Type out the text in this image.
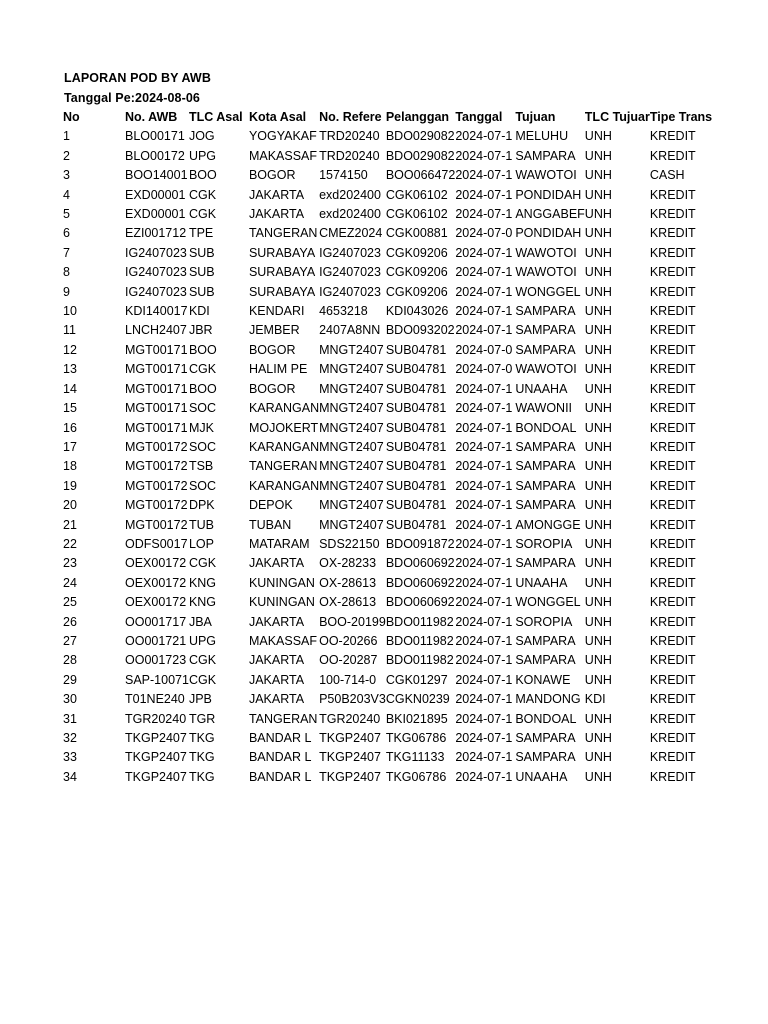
LAPORAN POD BY AWB
Tanggal Pe:2024-08-06
No	No. AWB	TLC Asal	Kota Asal	No. Refere	Pelanggan	Tanggal	Tujuan	TLC Tujuar	Tipe Trans
1	BLO00171	JOG	YOGYAKAF	TRD20240	BDO029082	2024-07-1	MELUHU	UNH	KREDIT
2	BLO00172	UPG	MAKASSAF	TRD20240	BDO029082	2024-07-1	SAMPARA	UNH	KREDIT
3	BOO14001	BOO	BOGOR	1574150	BOO066472	2024-07-1	WAWOTOI	UNH	CASH
4	EXD00001	CGK	JAKARTA	exd202400	CGK06102	2024-07-1	PONDIDAH	UNH	KREDIT
5	EXD00001	CGK	JAKARTA	exd202400	CGK06102	2024-07-1	ANGGABEF	UNH	KREDIT
6	EZI001712	TPE	TANGERAN	CMEZ2024	CGK00881	2024-07-0	PONDIDAH	UNH	KREDIT
7	IG2407023	SUB	SURABAYA	IG2407023	CGK09206	2024-07-1	WAWOTOI	UNH	KREDIT
8	IG2407023	SUB	SURABAYA	IG2407023	CGK09206	2024-07-1	WAWOTOI	UNH	KREDIT
9	IG2407023	SUB	SURABAYA	IG2407023	CGK09206	2024-07-1	WONGGEL	UNH	KREDIT
10	KDI140017	KDI	KENDARI	4653218	KDI043026	2024-07-1	SAMPARA	UNH	KREDIT
11	LNCH2407	JBR	JEMBER	2407A8NN	BDO093202	2024-07-1	SAMPARA	UNH	KREDIT
12	MGT00171	BOO	BOGOR	MNGT2407	SUB04781	2024-07-0	SAMPARA	UNH	KREDIT
13	MGT00171	CGK	HALIM PE	MNGT2407	SUB04781	2024-07-0	WAWOTOI	UNH	KREDIT
14	MGT00171	BOO	BOGOR	MNGT2407	SUB04781	2024-07-1	UNAAHA	UNH	KREDIT
15	MGT00171	SOC	KARANGAN	MNGT2407	SUB04781	2024-07-1	WAWONII	UNH	KREDIT
16	MGT00171	MJK	MOJOKERT	MNGT2407	SUB04781	2024-07-1	BONDOAL	UNH	KREDIT
17	MGT00172	SOC	KARANGAN	MNGT2407	SUB04781	2024-07-1	SAMPARA	UNH	KREDIT
18	MGT00172	TSB	TANGERAN	MNGT2407	SUB04781	2024-07-1	SAMPARA	UNH	KREDIT
19	MGT00172	SOC	KARANGAN	MNGT2407	SUB04781	2024-07-1	SAMPARA	UNH	KREDIT
20	MGT00172	DPK	DEPOK	MNGT2407	SUB04781	2024-07-1	SAMPARA	UNH	KREDIT
21	MGT00172	TUB	TUBAN	MNGT2407	SUB04781	2024-07-1	AMONGGE	UNH	KREDIT
22	ODFS0017	LOP	MATARAM	SDS22150	BDO091872	2024-07-1	SOROPIA	UNH	KREDIT
23	OEX00172	CGK	JAKARTA	OX-28233	BDO060692	2024-07-1	SAMPARA	UNH	KREDIT
24	OEX00172	KNG	KUNINGAN	OX-28613	BDO060692	2024-07-1	UNAAHA	UNH	KREDIT
25	OEX00172	KNG	KUNINGAN	OX-28613	BDO060692	2024-07-1	WONGGEL	UNH	KREDIT
26	OO001717	JBA	JAKARTA	BOO-20199	BDO011982	2024-07-1	SOROPIA	UNH	KREDIT
27	OO001721	UPG	MAKASSAF	OO-20266	BDO011982	2024-07-1	SAMPARA	UNH	KREDIT
28	OO001723	CGK	JAKARTA	OO-20287	BDO011982	2024-07-1	SAMPARA	UNH	KREDIT
29	SAP-10071	CGK	JAKARTA	100-714-0	CGK01297	2024-07-1	KONAWE	UNH	KREDIT
30	T01NE240	JPB	JAKARTA	P50B203V3	CGKN0239	2024-07-1	MANDONG	KDI	KREDIT
31	TGR20240	TGR	TANGERAN	TGR20240	BKI021895	2024-07-1	BONDOAL	UNH	KREDIT
32	TKGP2407	TKG	BANDAR L	TKGP2407	TKG06786	2024-07-1	SAMPARA	UNH	KREDIT
33	TKGP2407	TKG	BANDAR L	TKGP2407	TKG11133	2024-07-1	SAMPARA	UNH	KREDIT
34	TKGP2407	TKG	BANDAR L	TKGP2407	TKG06786	2024-07-1	UNAAHA	UNH	KREDIT
